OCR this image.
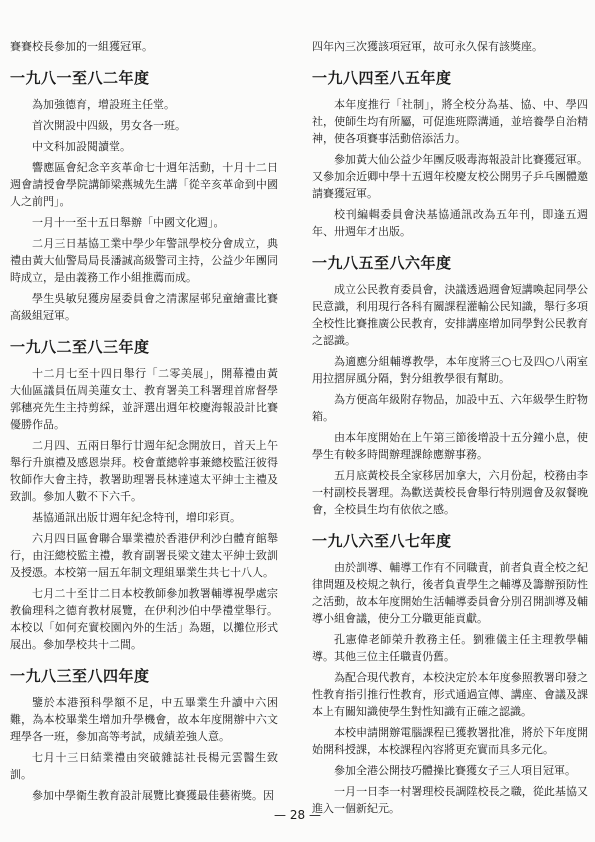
賽賽校長參加的一組獲冠軍。

一九八一至八二年度

為加強德育，增設班主任堂。

首次開設中四級，男女各一班。

中文科加設閱讀堂。

響應區會紀念辛亥革命七十週年活動，十月十二日週會請授會學院講師梁燕城先生講「從辛亥革命到中國人之前門」。

一月十一至十五日舉辦「中國文化週」。

二月三日基協工業中學少年警訊學校分會成立，典禮由黃大仙警局局長潘誠高級警司主持，公益少年團同時成立，是由義務工作小組推薦而成。

學生吳敏兒獲房屋委員會之清潔屋邨兒童繪畫比賽高級組冠軍。

一九八二至八三年度

十二月七至十四日舉行「二零美展」，開幕禮由黃大仙區議員伍周美蓮女士、教育署美工科署理首席督學郭穗亮先生主持剪綵，並評選出週年校慶海報設計比賽優勝作品。

二月四、五兩日舉行廿週年紀念開放日，首天上午舉行升旗禮及感恩崇拜。校會董總幹事兼總校監汪彼得牧師作大會主持，教署助理署長林達遠太平紳士主禮及致訓。參加人數不下六千。

基協通訊出版廿週年紀念特刊，增印彩頁。

六月四日區會聯合畢業禮於香港伊利沙白體育館舉行，由汪總校監主禮，教育副署長梁文建太平紳士致訓及授憑。本校第一屆五年制文理組畢業生共七十八人。

七月二十至廿二日本校教師參加教署輔導視學處宗教倫理科之德育教材展覽，在伊利沙伯中學禮堂舉行。本校以「如何充實校園內外的生活」為題，以攤位形式展出。參加學校共十二間。

一九八三至八四年度

鑒於本港預科學額不足，中五畢業生升讀中六困難，為本校畢業生增加升學機會，故本年度開辦中六文理學各一班，參加高等考試，成績差強人意。

七月十三日結業禮由突破雜誌社長楊元雲醫生致訓。

參加中學衛生教育設計展覽比賽獲最佳藝術獎。因

四年內三次獲該項冠軍，故可永久保有該獎座。

一九八四至八五年度

本年度推行「社制」，將全校分為基、協、中、學四社，使師生均有所屬，可促進班際溝通，並培養學自治精神，使各項賽事活動倍添活力。

參加黃大仙公益少年團反吸毒海報設計比賽獲冠軍。又參加余近卿中學十五週年校慶友校公開男子乒乓團體邀請賽獲冠軍。

校刊編輯委員會決基協通訊改為五年刊，即逢五週年、卅週年才出版。

一九八五至八六年度

成立公民教育委員會，決議透過週會短講喚起同學公民意識，利用現行各科有關課程灌輸公民知識，舉行多項全校性比賽推廣公民教育，安排講座增加同學對公民教育之認識。

為適應分組輔導教學，本年度將三○七及四○八兩室用拉摺屏風分隔，對分組教學很有幫助。

為方便高年級附存物品，加設中五、六年級學生貯物箱。

由本年度開始在上午第三節後增設十五分鐘小息，使學生有較多時間辦理課餘應辦事務。

五月底黃校長全家移居加拿大，六月份起，校務由李一村副校長署理。為歡送黃校長會舉行特別週會及叙餐晚會，全校員生均有依依之感。

一九八六至八七年度

由於訓導、輔導工作有不同職責，前者負責全校之紀律問題及校規之執行，後者負責學生之輔導及籌辦預防性之活動，故本年度開始生活輔導委員會分別召開訓導及輔導小組會議，使分工分職更能貢獻。

孔憲偉老師榮升教務主任。劉雅儀主任主理教學輔導。其他三位主任職責仍舊。

為配合現代教育，本校決定於本年度參照教署印發之性教育指引推行性教育，形式通過宣傳、講座、會議及課本上有關知識使學生對性知識有正確之認識。

本校申請開辦電腦課程已獲教署批准，將於下年度開始開科授課，本校課程內容將更充實而具多元化。

參加全港公開技巧體操比賽獲女子三人項目冠軍。

一月一日李一村署理校長調陞校長之職，從此基協又進入一個新紀元。

— 28 —
